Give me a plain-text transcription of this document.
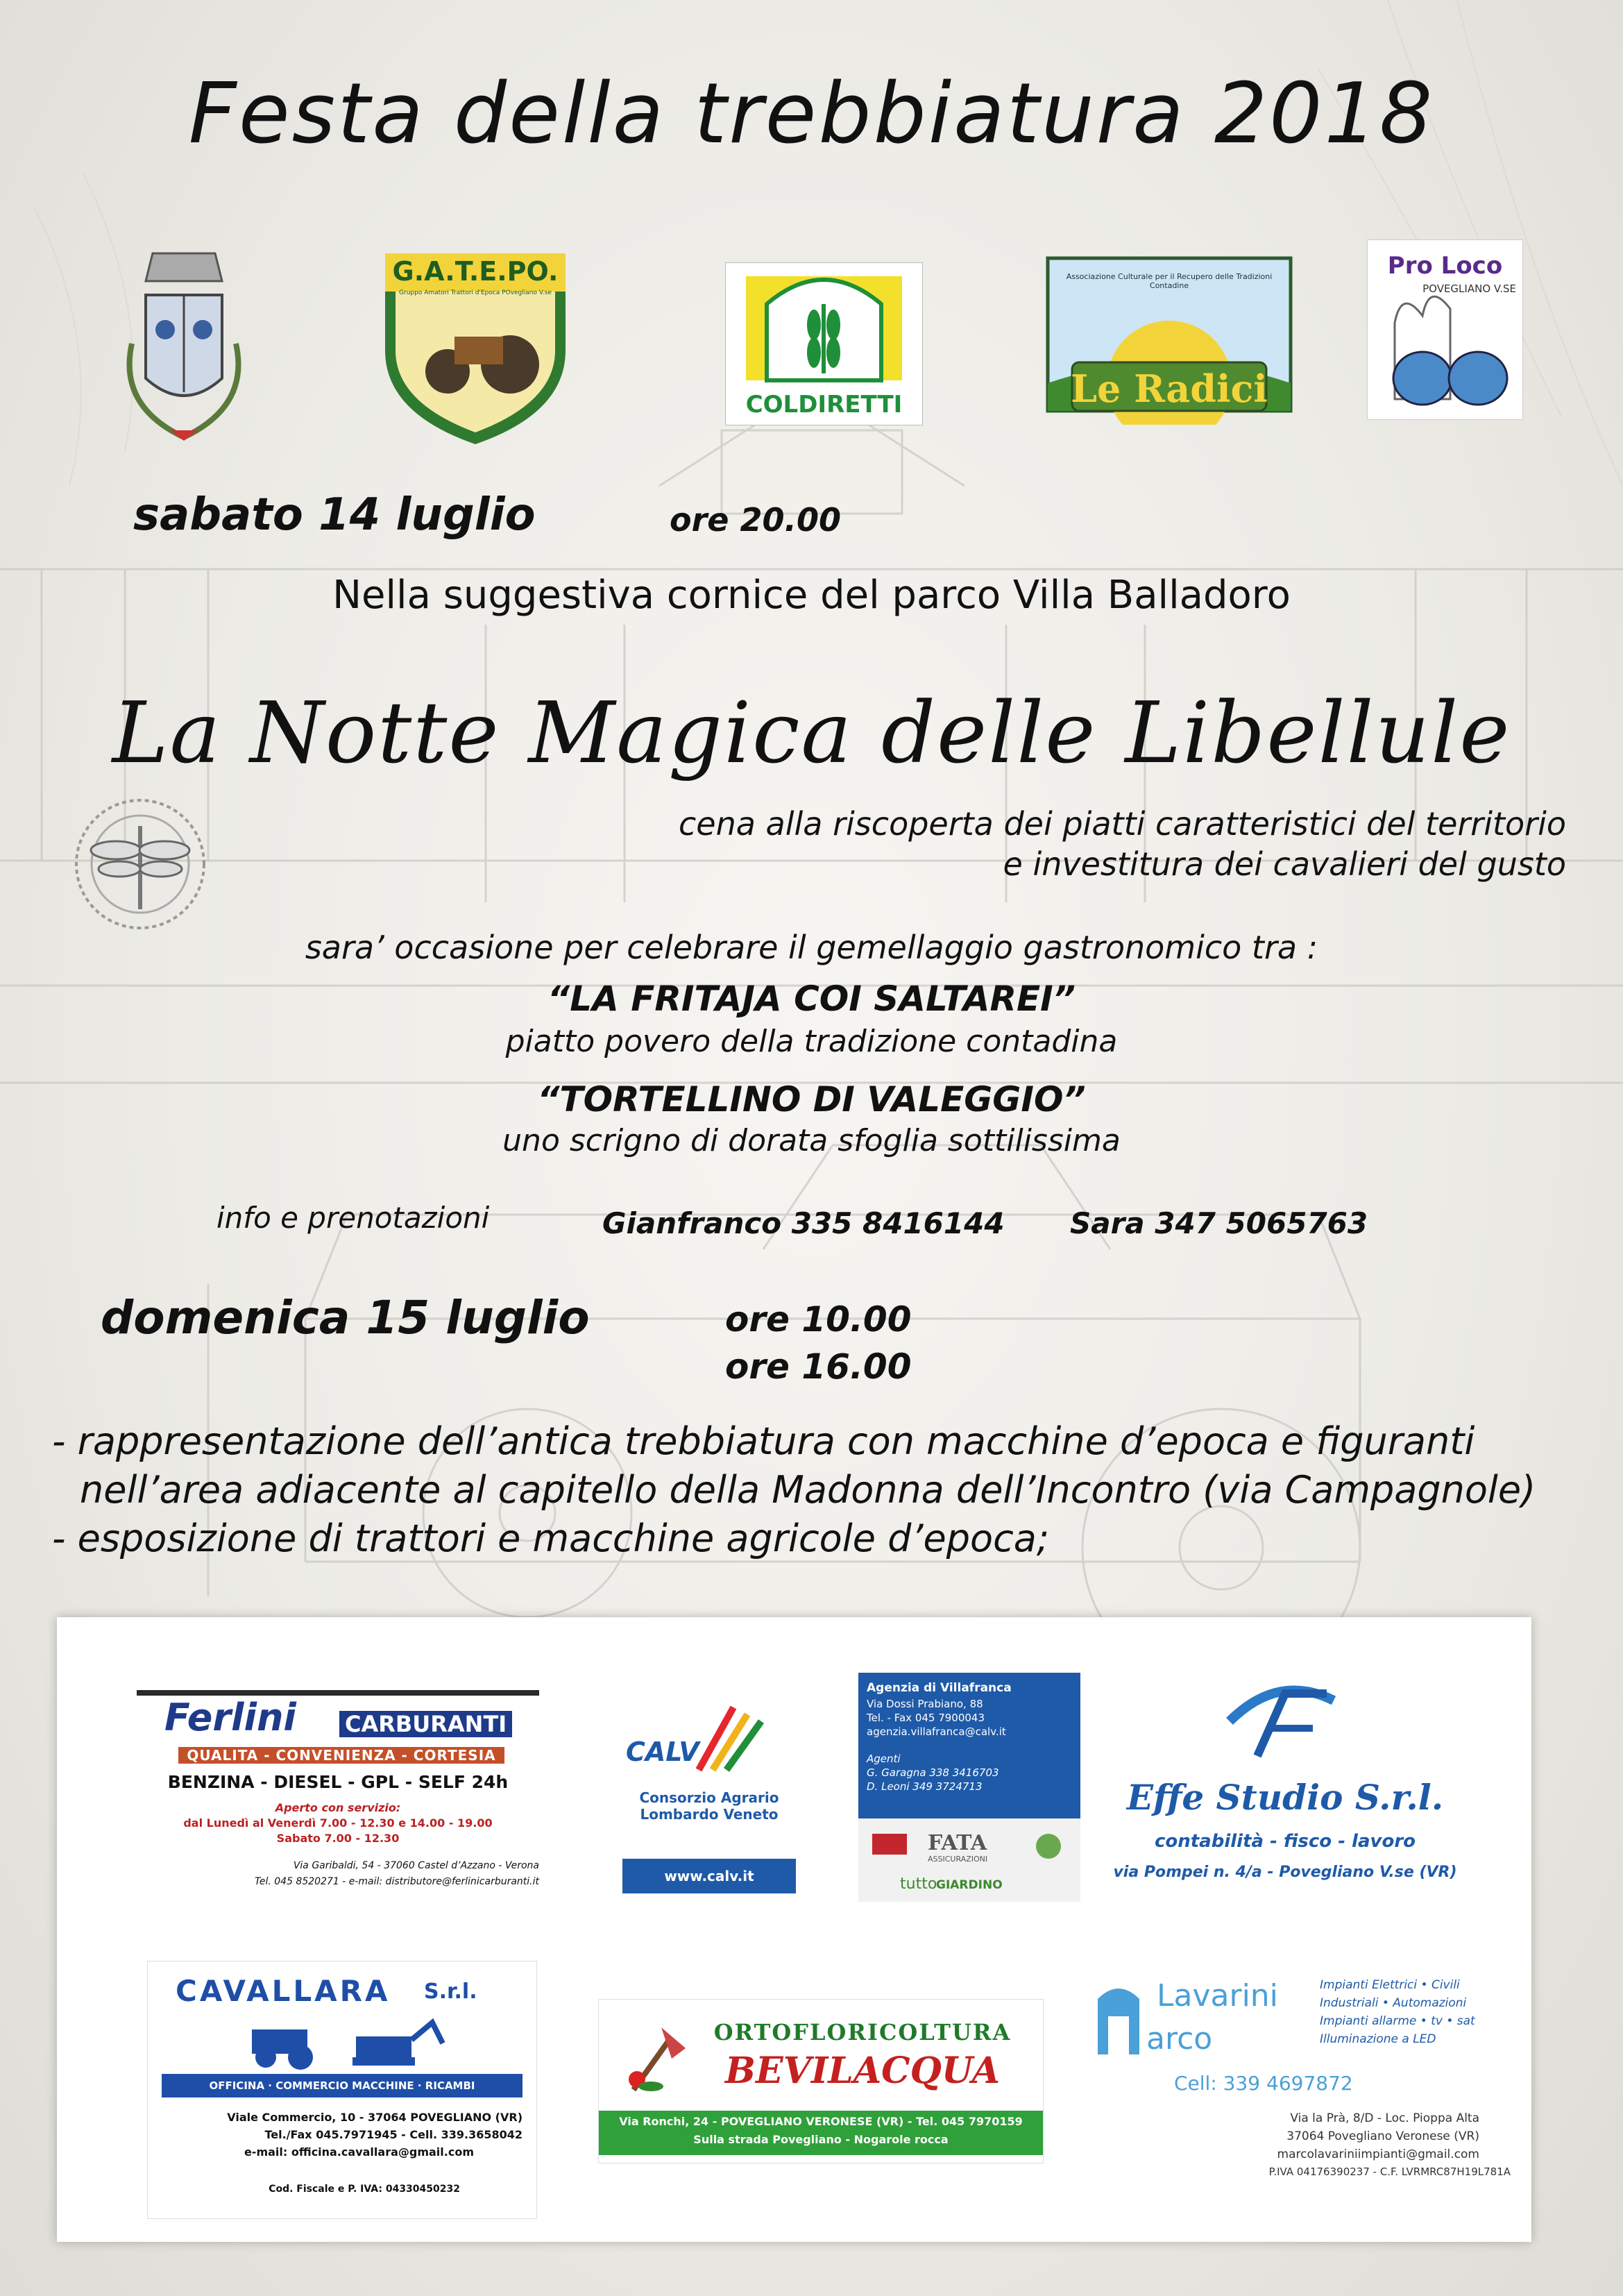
Festa della trebbiatura 2018
G.A.T.E.PO.
Gruppo Amatori Trattori d'Epoca POvegliano V.se
COLDIRETTI
Associazione Culturale per il Recupero delle Tradizioni Contadine
Le Radici
Pro Loco
POVEGLIANO V.SE
sabato 14 luglio	ore 20.00
Nella suggestiva cornice del parco Villa Balladoro
La Notte Magica delle Libellule
cena alla riscoperta dei piatti caratteristici del territorio
e investitura dei cavalieri del gusto
sara’ occasione per celebrare il gemellaggio gastronomico tra :
“LA FRITAJA COI SALTAREI”
piatto povero della tradizione contadina
“TORTELLINO DI VALEGGIO”
uno scrigno di dorata sfoglia sottilissima
info e prenotazioni	Gianfranco 335 8416144 Sara 347 5065763
domenica 15 luglio	ore 10.00
ore 16.00
- rappresentazione dell’antica trebbiatura con macchine d’epoca e figuranti
nell’area adiacente al capitello della Madonna dell’Incontro (via Campagnole)
- esposizione di trattori e macchine agricole d’epoca;
Ferlini CARBURANTI
QUALITA - CONVENIENZA - CORTESIA
BENZINA - DIESEL - GPL - SELF 24h
Aperto con servizio:
dal Lunedì al Venerdì 7.00 - 12.30 e 14.00 - 19.00
Sabato 7.00 - 12.30
Via Garibaldi, 54 - 37060 Castel d’Azzano - Verona
Tel. 045 8520271 - e-mail: distributore@ferlinicarburanti.it
CALV
Consorzio Agrario
Lombardo Veneto
www.calv.it
Agenzia di Villafranca
Via Dossi Prabiano, 88
Tel. - Fax 045 7900043
agenzia.villafranca@calv.it
Agenti
G. Garagna 338 3416703
D. Leoni 349 3724713
FATA
ASSICURAZIONI
tutto
GIARDINO
Effe Studio S.r.l.
contabilità - fisco - lavoro
via Pompei n. 4/a - Povegliano V.se (VR)
CAVALLARA S.r.l.
OFFICINA · COMMERCIO MACCHINE · RICAMBI
Viale Commercio, 10 - 37064 POVEGLIANO (VR)
Tel./Fax 045.7971945 - Cell. 339.3658042
e-mail: officina.cavallara@gmail.com
Cod. Fiscale e P. IVA: 04330450232
ORTOFLORICOLTURA
BEVILACQUA
Via Ronchi, 24 - POVEGLIANO VERONESE (VR) - Tel. 045 7970159
Sulla strada Povegliano - Nogarole rocca
Lavarini
arco
Impianti Elettrici • Civili
Industriali • Automazioni
Impianti allarme • tv • sat
Illuminazione a LED
Cell: 339 4697872
Via la Prà, 8/D - Loc. Pioppa Alta
37064 Povegliano Veronese (VR)
marcolavariniimpianti@gmail.com
P.IVA 04176390237 - C.F. LVRMRC87H19L781A
